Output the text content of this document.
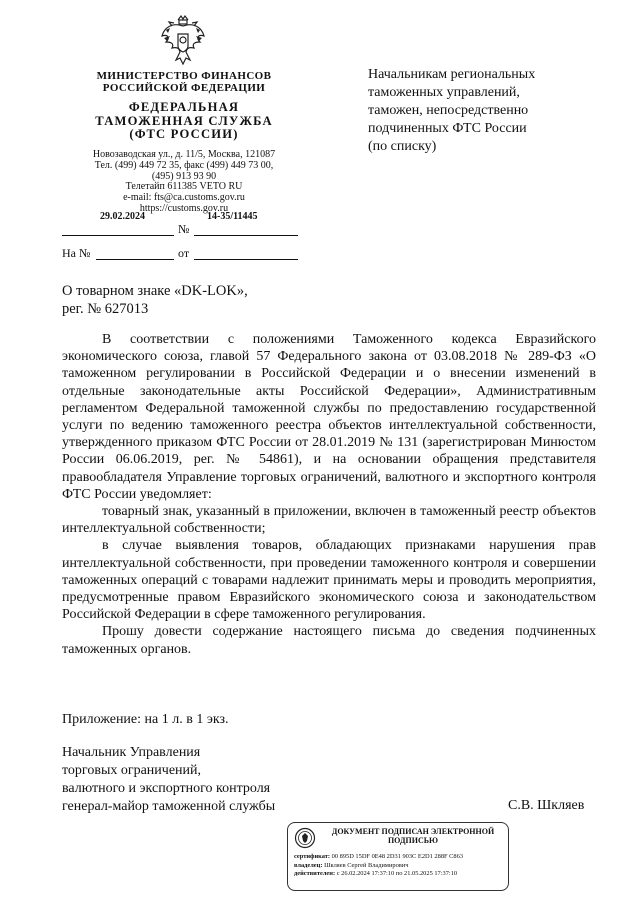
МИНИСТЕРСТВО ФИНАНСОВ
РОССИЙСКОЙ ФЕДЕРАЦИИ
ФЕДЕРАЛЬНАЯ
ТАМОЖЕННАЯ СЛУЖБА
(ФТС РОССИИ)
Новозаводская ул., д. 11/5, Москва, 121087
Тел. (499) 449 72 35, факс (499) 449 73 00,
(495) 913 93 90
Телетайп 611385 VETO RU
e-mail: fts@ca.customs.gov.ru
https://customs.gov.ru
29.02.2024	14-35/11445
№
На №	от
Начальникам региональных
таможенных управлений,
таможен, непосредственно
подчиненных ФТС России
(по списку)
О товарном знаке «DK-LOK»,
рег. № 627013

В соответствии с положениями Таможенного кодекса Евразийского экономического союза, главой 57 Федерального закона от 03.08.2018 № 289-ФЗ «О таможенном регулировании в Российской Федерации и о внесении изменений в отдельные законодательные акты Российской Федерации», Административным регламентом Федеральной таможенной службы по предоставлению государственной услуги по ведению таможенного реестра объектов интеллектуальной собственности, утвержденного приказом ФТС России от 28.01.2019 № 131 (зарегистрирован Минюстом России 06.06.2019, рег. № 54861), и на основании обращения представителя правообладателя Управление торговых ограничений, валютного и экспортного контроля ФТС России уведомляет:

товарный знак, указанный в приложении, включен в таможенный реестр объектов интеллектуальной собственности;

в случае выявления товаров, обладающих признаками нарушения прав интеллектуальной собственности, при проведении таможенного контроля и совершении таможенных операций с товарами надлежит принимать меры и проводить мероприятия, предусмотренные правом Евразийского экономического союза и законодательством Российской Федерации в сфере таможенного регулирования.

Прошу довести содержание настоящего письма до сведения подчиненных таможенных органов.

Приложение: на 1 л. в 1 экз.
Начальник Управления
торговых ограничений,
валютного и экспортного контроля
генерал-майор таможенной службы	С.В. Шкляев
ДОКУМЕНТ ПОДПИСАН ЭЛЕКТРОННОЙ
ПОДПИСЬЮ
сертификат: 00 895D 15DF 0E48 2D31 903C E2D1 288F C863
владелец: Шкляев Сергей Владимирович
действителен: с 26.02.2024 17:37:10 по 21.05.2025 17:37:10
